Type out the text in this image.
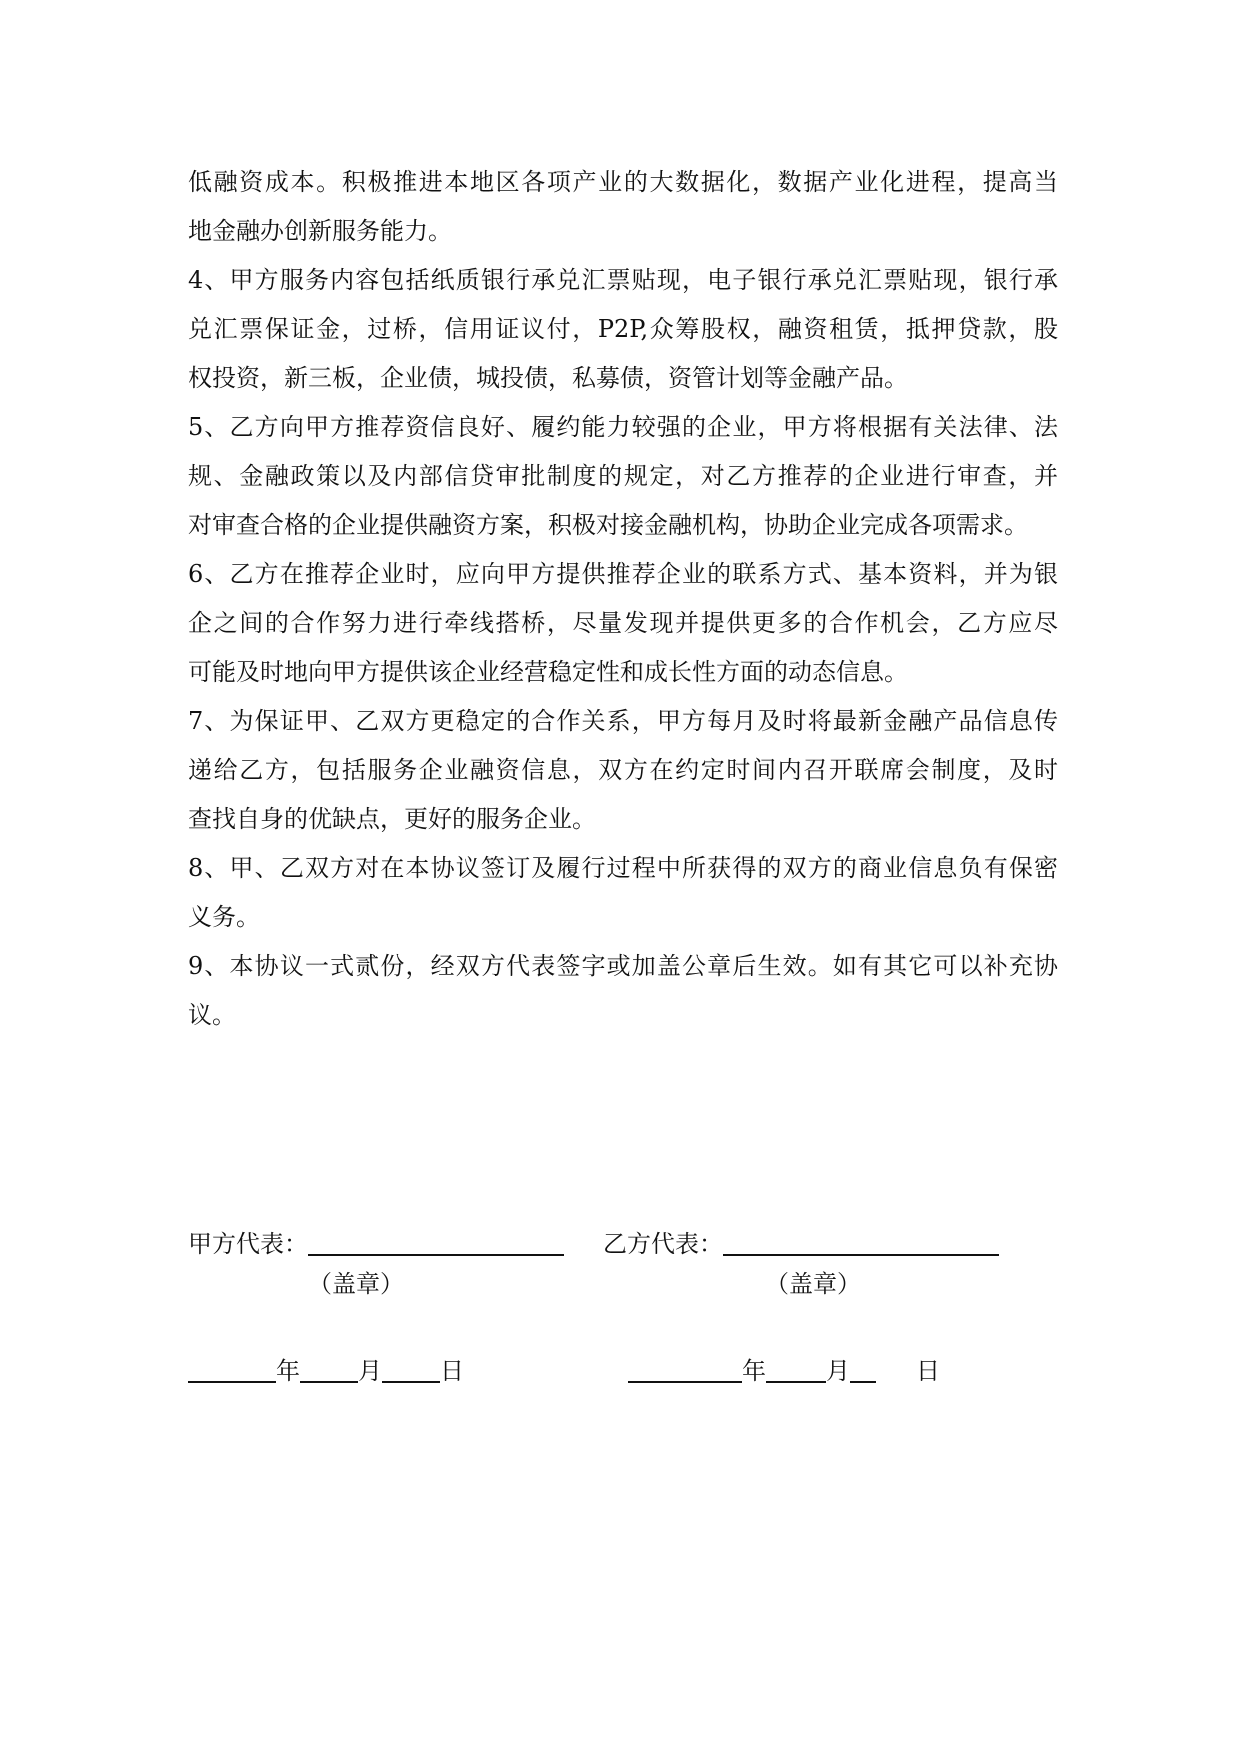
低融资成本。积极推进本地区各项产业的大数据化，数据产业化进程，提高当
地金融办创新服务能力。
4、甲方服务内容包括纸质银行承兑汇票贴现，电子银行承兑汇票贴现，银行承
兑汇票保证金，过桥，信用证议付，P2P,众筹股权，融资租赁，抵押贷款，股
权投资，新三板，企业债，城投债，私募债，资管计划等金融产品。
5、乙方向甲方推荐资信良好、履约能力较强的企业，甲方将根据有关法律、法
规、金融政策以及内部信贷审批制度的规定，对乙方推荐的企业进行审查，并
对审查合格的企业提供融资方案，积极对接金融机构，协助企业完成各项需求。
6、乙方在推荐企业时，应向甲方提供推荐企业的联系方式、基本资料，并为银
企之间的合作努力进行牵线搭桥，尽量发现并提供更多的合作机会，乙方应尽
可能及时地向甲方提供该企业经营稳定性和成长性方面的动态信息。
7、为保证甲、乙双方更稳定的合作关系，甲方每月及时将最新金融产品信息传
递给乙方，包括服务企业融资信息，双方在约定时间内召开联席会制度，及时
查找自身的优缺点，更好的服务企业。
8、甲、乙双方对在本协议签订及履行过程中所获得的双方的商业信息负有保密
义务。
9、本协议一式贰份，经双方代表签字或加盖公章后生效。如有其它可以补充协
议。
甲方代表：	乙方代表：
（盖章）	（盖章）
年 月 日	年	月	日
